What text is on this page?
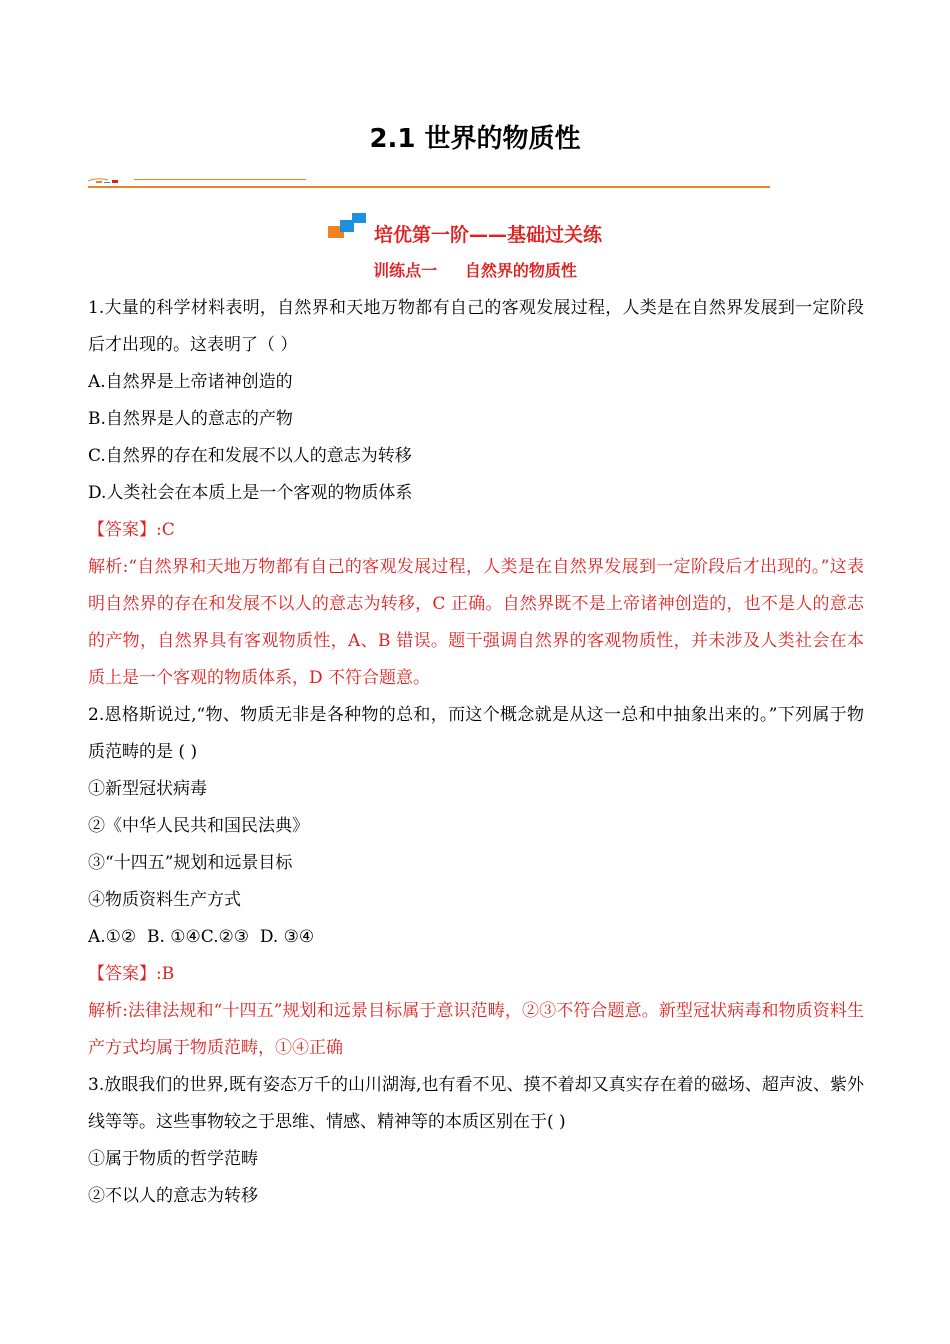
2.1 世界的物质性
培优第一阶——基础过关练
训练点一     自然界的物质性

1.大量的科学材料表明，自然界和天地万物都有自己的客观发展过程，人类是在自然界发展到一定阶段后才出现的。这表明了（ ）

A.自然界是上帝诸神创造的

B.自然界是人的意志的产物

C.自然界的存在和发展不以人的意志为转移

D.人类社会在本质上是一个客观的物质体系

【答案】:C

解析:“自然界和天地万物都有自己的客观发展过程，人类是在自然界发展到一定阶段后才出现的。”这表明自然界的存在和发展不以人的意志为转移，C 正确。自然界既不是上帝诸神创造的，也不是人的意志的产物，自然界具有客观物质性，A、B 错误。题干强调自然界的客观物质性，并未涉及人类社会在本质上是一个客观的物质体系，D 不符合题意。

2.恩格斯说过,“物、物质无非是各种物的总和，而这个概念就是从这一总和中抽象出来的。”下列属于物质范畴的是 ( )

①新型冠状病毒

②《中华人民共和国民法典》

③“十四五”规划和远景目标

④物质资料生产方式

A.①②  B. ①④C.②③  D. ③④

【答案】:B

解析:法律法规和“十四五”规划和远景目标属于意识范畴，②③不符合题意。新型冠状病毒和物质资料生产方式均属于物质范畴，①④正确

3.放眼我们的世界,既有姿态万千的山川湖海,也有看不见、摸不着却又真实存在着的磁场、超声波、紫外线等等。这些事物较之于思维、情感、精神等的本质区别在于( )

①属于物质的哲学范畴

②不以人的意志为转移
